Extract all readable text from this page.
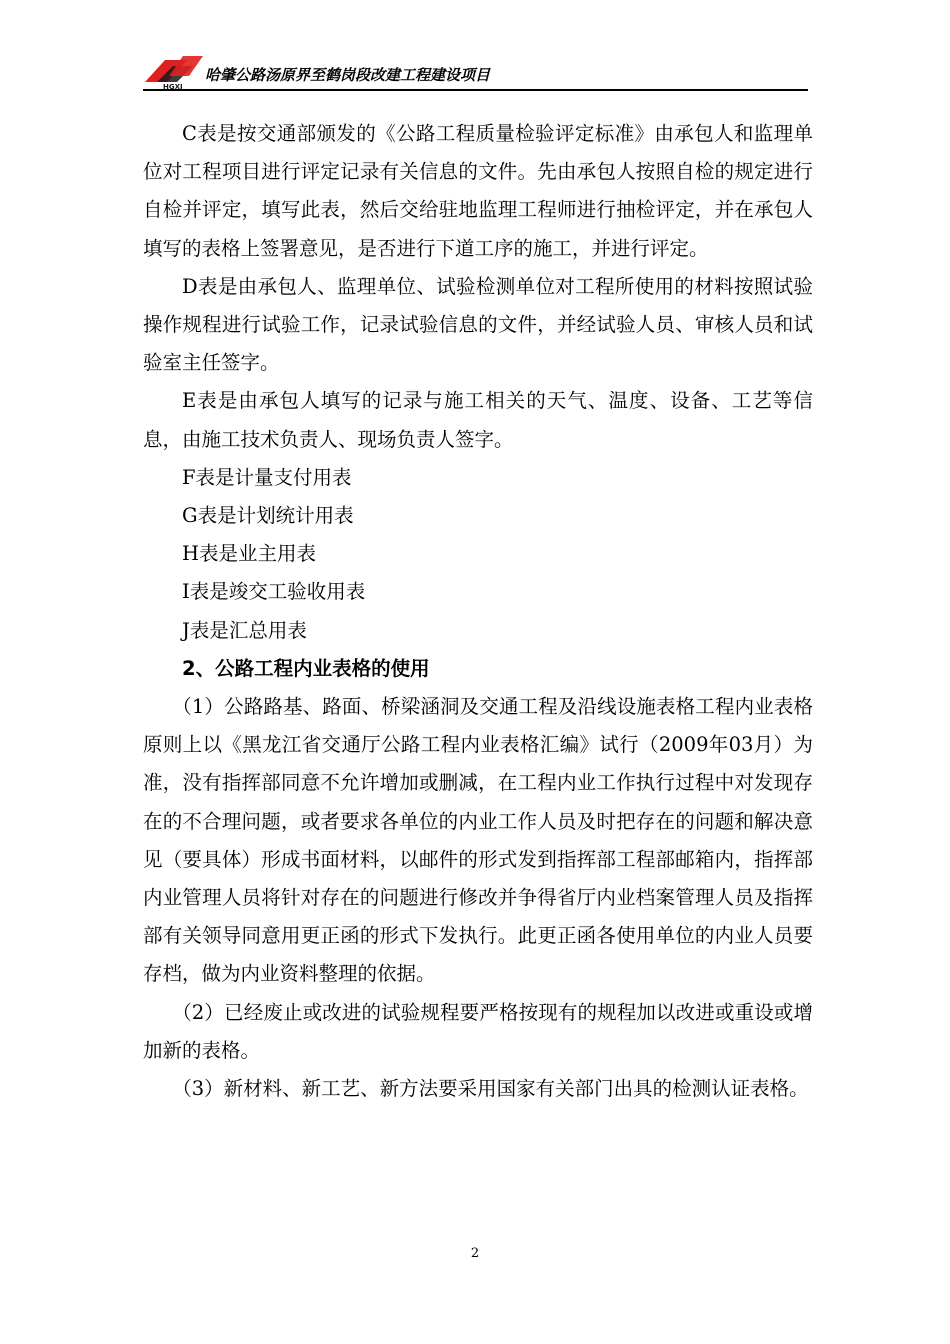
HGXJ
哈肇公路汤原界至鹤岗段改建工程建设项目

C表是按交通部颁发的《公路工程质量检验评定标准》由承包人和监理单位对工程项目进行评定记录有关信息的文件。先由承包人按照自检的规定进行自检并评定，填写此表，然后交给驻地监理工程师进行抽检评定，并在承包人填写的表格上签署意见，是否进行下道工序的施工，并进行评定。

D表是由承包人、监理单位、试验检测单位对工程所使用的材料按照试验操作规程进行试验工作，记录试验信息的文件，并经试验人员、审核人员和试验室主任签字。

E表是由承包人填写的记录与施工相关的天气、温度、设备、工艺等信息，由施工技术负责人、现场负责人签字。

F表是计量支付用表

G表是计划统计用表

H表是业主用表

I表是竣交工验收用表

J表是汇总用表

2、公路工程内业表格的使用

（1）公路路基、路面、桥梁涵洞及交通工程及沿线设施表格工程内业表格原则上以《黑龙江省交通厅公路工程内业表格汇编》试行（2009年03月）为准，没有指挥部同意不允许增加或删减，在工程内业工作执行过程中对发现存在的不合理问题，或者要求各单位的内业工作人员及时把存在的问题和解决意见（要具体）形成书面材料，以邮件的形式发到指挥部工程部邮箱内，指挥部内业管理人员将针对存在的问题进行修改并争得省厅内业档案管理人员及指挥部有关领导同意用更正函的形式下发执行。此更正函各使用单位的内业人员要存档，做为内业资料整理的依据。

（2）已经废止或改进的试验规程要严格按现有的规程加以改进或重设或增加新的表格。

（3）新材料、新工艺、新方法要采用国家有关部门出具的检测认证表格。

2
